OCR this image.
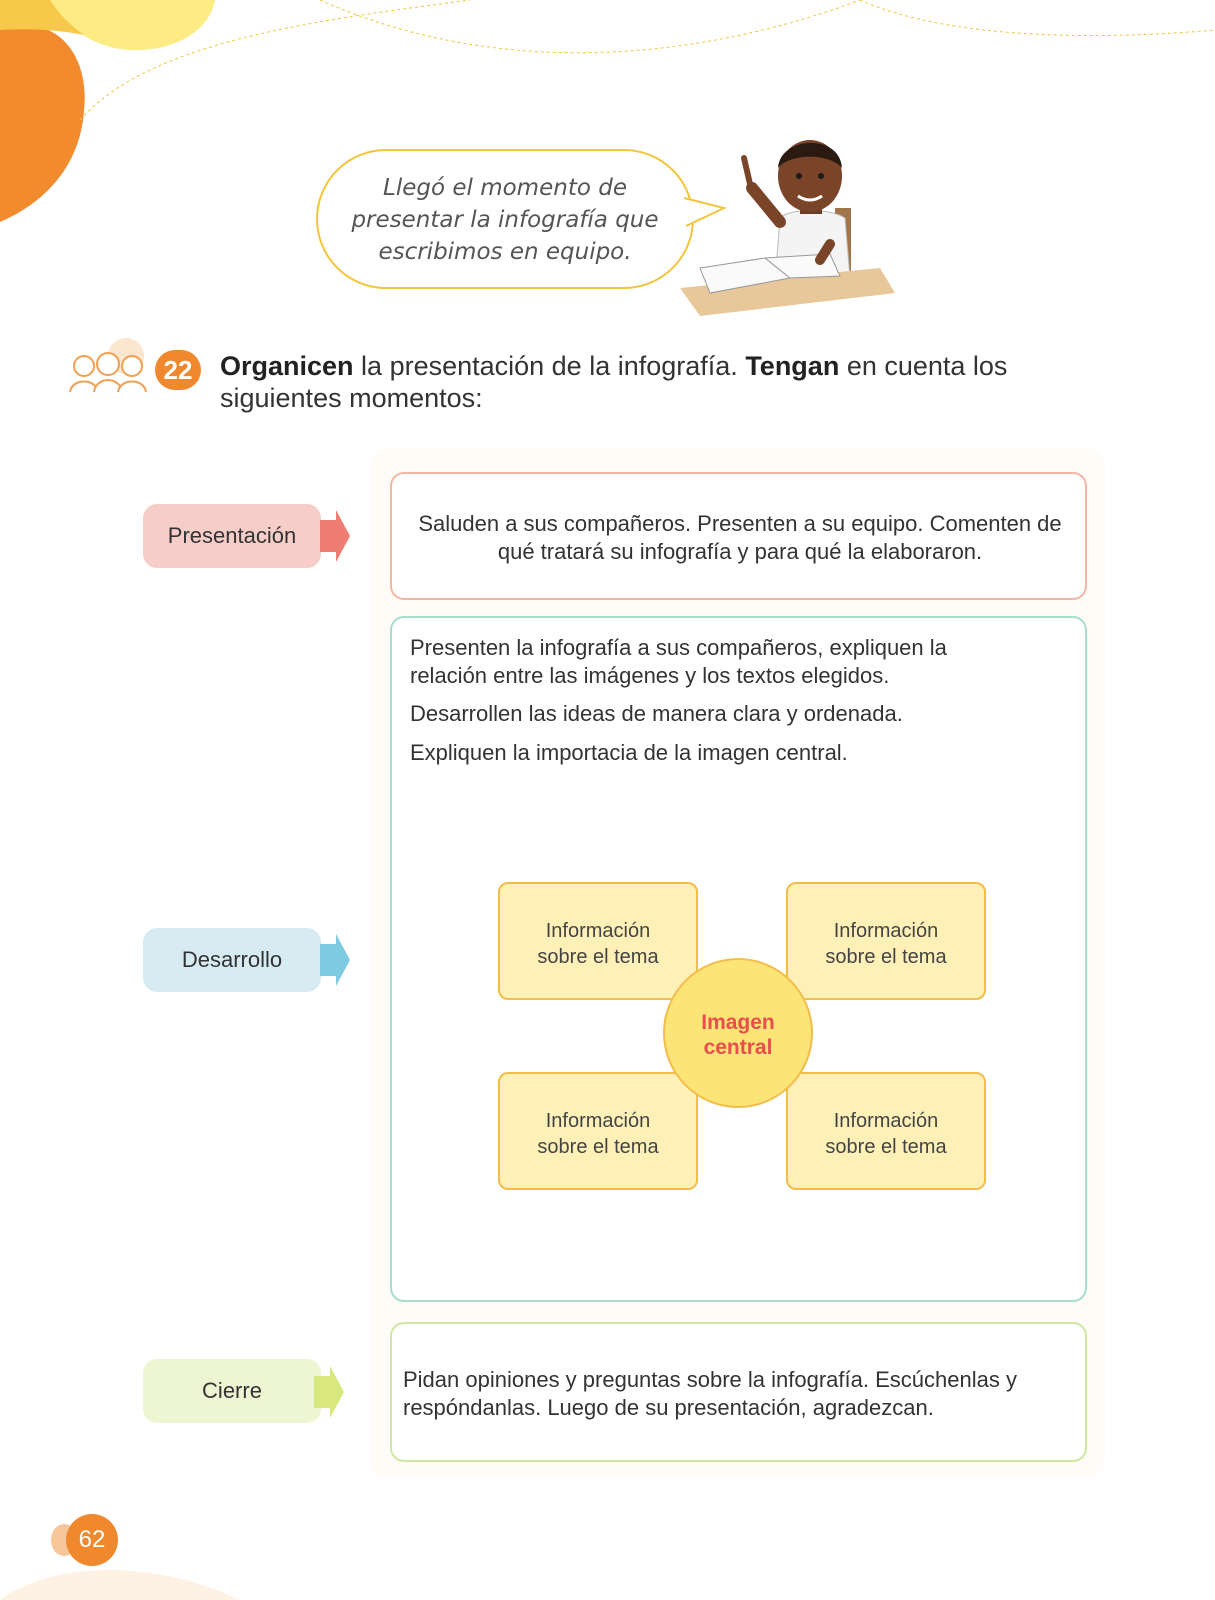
Llegó el momento de
presentar la infografía que
escribimos en equipo.
22	Organicen la presentación de la infografía. Tengan en cuenta los siguientes momentos:
Presentación	Saluden a sus compañeros. Presenten a su equipo. Comenten de qué tratará su infografía y para qué la elaboraron.
Desarrollo
Presenten la infografía a sus compañeros, expliquen la relación entre las imágenes y los textos elegidos.
Desarrollen las ideas de manera clara y ordenada.
Expliquen la importacia de la imagen central.
Información
sobre el tema
Información
sobre el tema
Información
sobre el tema
Información
sobre el tema
Imagen
central
Cierre	Pidan opiniones y preguntas sobre la infografía. Escúchenlas y respóndanlas. Luego de su presentación, agradezcan.
62
